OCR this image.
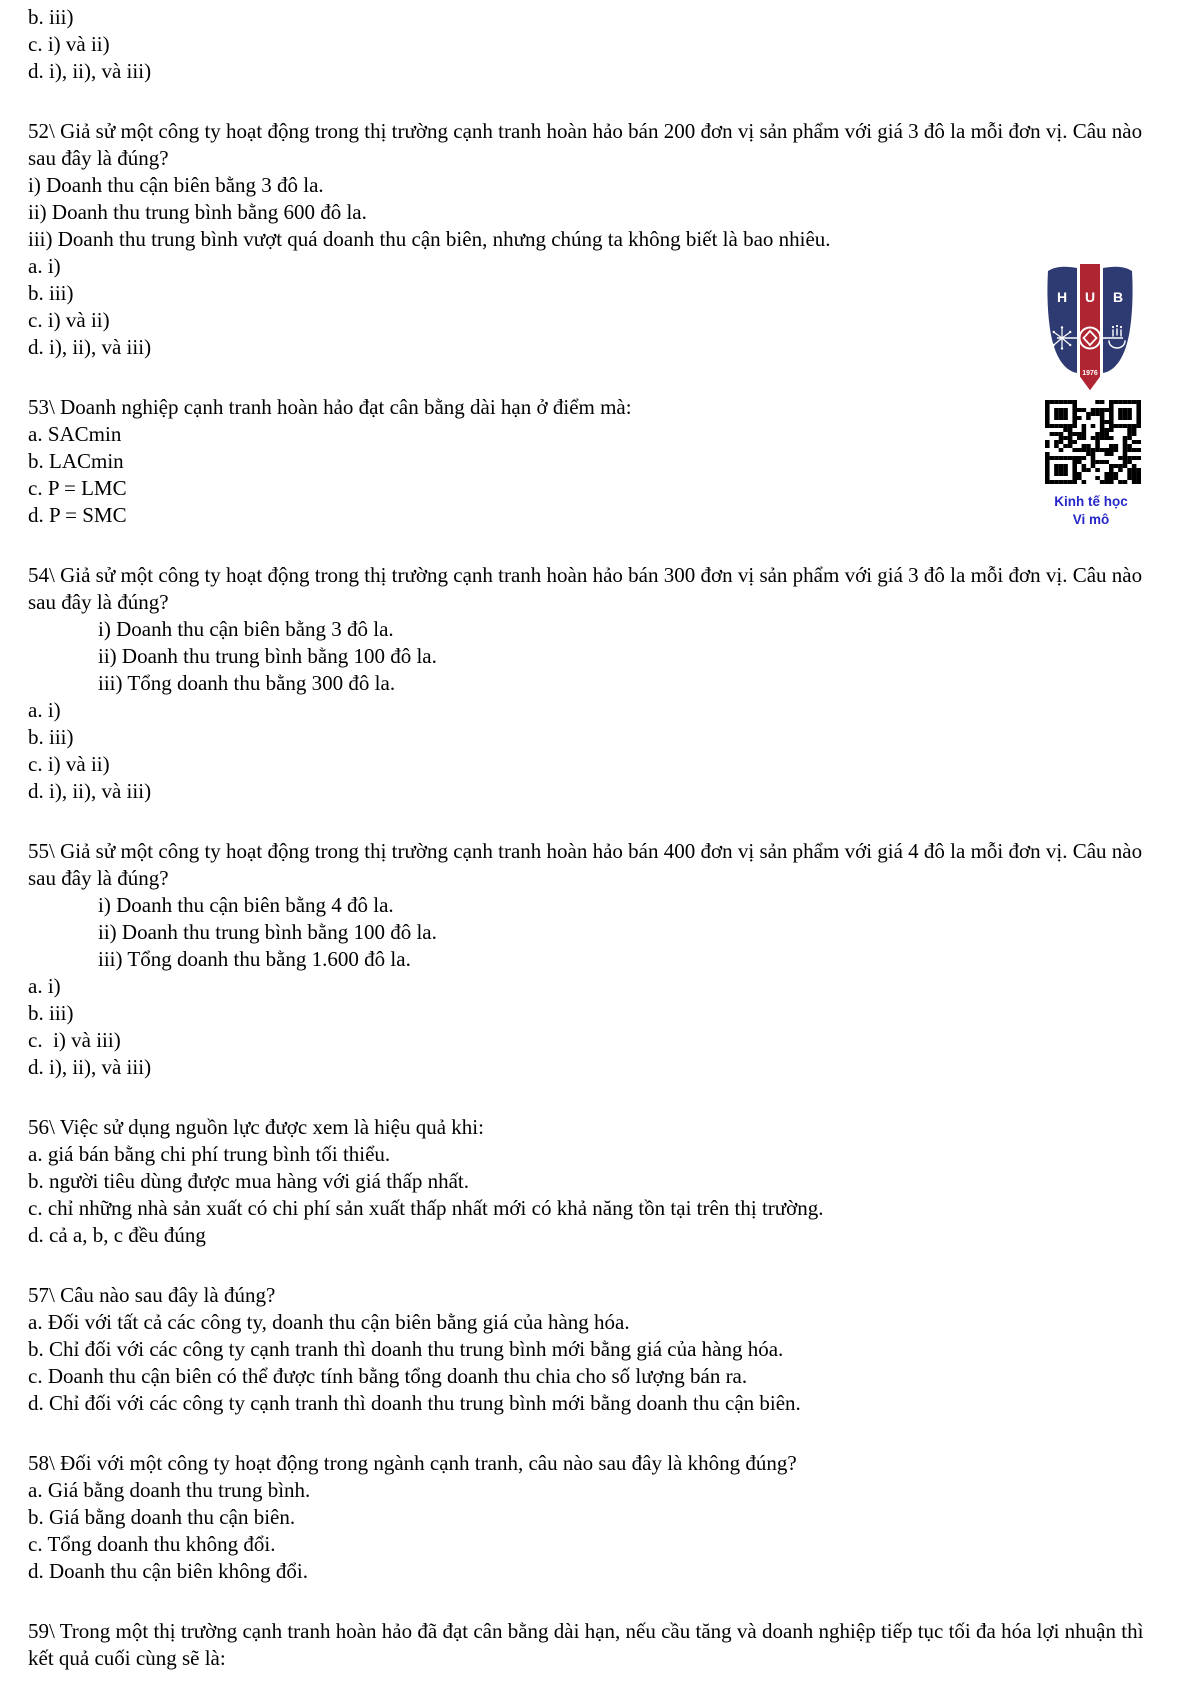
b. iii)
c. i) và ii)
d. i), ii), và iii)
52\ Giả sử một công ty hoạt động trong thị trường cạnh tranh hoàn hảo bán 200 đơn vị sản phẩm với giá 3 đô la mỗi đơn vị. Câu nào sau đây là đúng?
i) Doanh thu cận biên bằng 3 đô la.
ii) Doanh thu trung bình bằng 600 đô la.
iii) Doanh thu trung bình vượt quá doanh thu cận biên, nhưng chúng ta không biết là bao nhiêu.
a. i)
b. iii)
c. i) và ii)
d. i), ii), và iii)
53\ Doanh nghiệp cạnh tranh hoàn hảo đạt cân bằng dài hạn ở điểm mà:
a. SACmin
b. LACmin
c. P = LMC
d. P = SMC
54\ Giả sử một công ty hoạt động trong thị trường cạnh tranh hoàn hảo bán 300 đơn vị sản phẩm với giá 3 đô la mỗi đơn vị. Câu nào sau đây là đúng?
i) Doanh thu cận biên bằng 3 đô la.
ii) Doanh thu trung bình bằng 100 đô la.
iii) Tổng doanh thu bằng 300 đô la.
a. i)
b. iii)
c. i) và ii)
d. i), ii), và iii)
55\ Giả sử một công ty hoạt động trong thị trường cạnh tranh hoàn hảo bán 400 đơn vị sản phẩm với giá 4 đô la mỗi đơn vị. Câu nào sau đây là đúng?
i) Doanh thu cận biên bằng 4 đô la.
ii) Doanh thu trung bình bằng 100 đô la.
iii) Tổng doanh thu bằng 1.600 đô la.
a. i)
b. iii)
c.  i) và iii)
d. i), ii), và iii)
56\ Việc sử dụng nguồn lực được xem là hiệu quả khi:
a. giá bán bằng chi phí trung bình tối thiểu.
b. người tiêu dùng được mua hàng với giá thấp nhất.
c. chỉ những nhà sản xuất có chi phí sản xuất thấp nhất mới có khả năng tồn tại trên thị trường.
d. cả a, b, c đều đúng
57\ Câu nào sau đây là đúng?
a. Đối với tất cả các công ty, doanh thu cận biên bằng giá của hàng hóa.
b. Chỉ đối với các công ty cạnh tranh thì doanh thu trung bình mới bằng giá của hàng hóa.
c. Doanh thu cận biên có thể được tính bằng tổng doanh thu chia cho số lượng bán ra.
d. Chỉ đối với các công ty cạnh tranh thì doanh thu trung bình mới bằng doanh thu cận biên.
58\ Đối với một công ty hoạt động trong ngành cạnh tranh, câu nào sau đây là không đúng?
a. Giá bằng doanh thu trung bình.
b. Giá bằng doanh thu cận biên.
c. Tổng doanh thu không đổi.
d. Doanh thu cận biên không đổi.
59\ Trong một thị trường cạnh tranh hoàn hảo đã đạt cân bằng dài hạn, nếu cầu tăng và doanh nghiệp tiếp tục tối đa hóa lợi nhuận thì kết quả cuối cùng sẽ là:
H U B
1976
Kinh tế học
Vi mô
